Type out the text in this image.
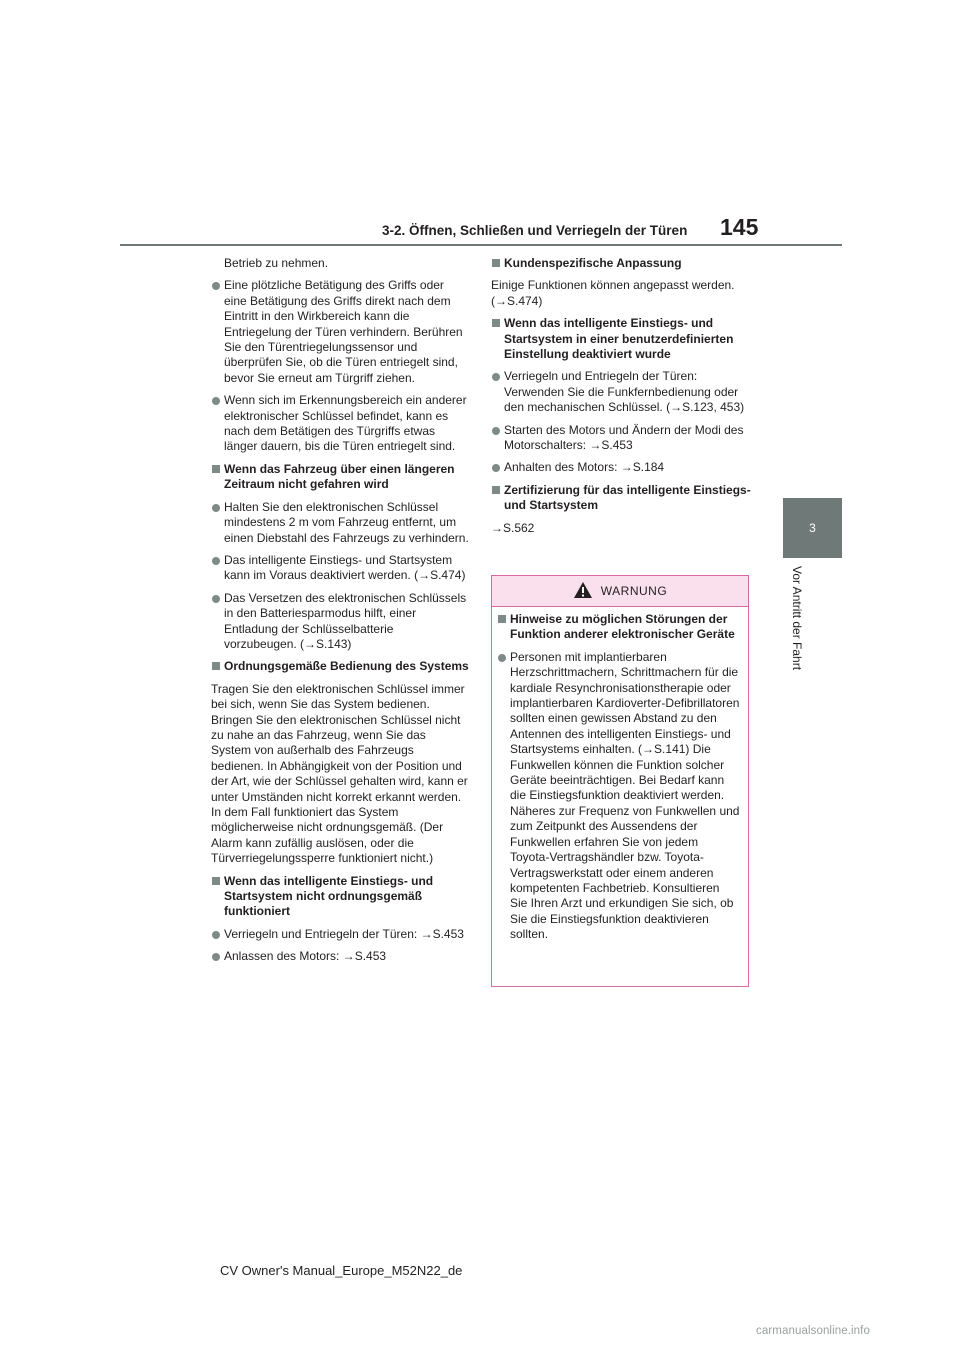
3-2. Öffnen, Schließen und Verriegeln der Türen	145
3
Vor Antritt der Fahrt

Betrieb zu nehmen.

Eine plötzliche Betätigung des Griffs oder eine Betätigung des Griffs direkt nach dem Eintritt in den Wirkbereich kann die Entriegelung der Türen verhindern. Berühren Sie den Türentriegelungssensor und überprüfen Sie, ob die Türen entriegelt sind, bevor Sie erneut am Türgriff ziehen.
Wenn sich im Erkennungsbereich ein anderer elektronischer Schlüssel befindet, kann es nach dem Betätigen des Türgriffs etwas länger dauern, bis die Türen entriegelt sind.
Wenn das Fahrzeug über einen längeren Zeitraum nicht gefahren wird
Halten Sie den elektronischen Schlüssel mindestens 2 m vom Fahrzeug entfernt, um einen Diebstahl des Fahrzeugs zu verhindern.
Das intelligente Einstiegs- und Startsystem kann im Voraus deaktiviert werden. (→S.474)
Das Versetzen des elektronischen Schlüssels in den Batteriesparmodus hilft, einer Entladung der Schlüsselbatterie vorzubeugen. (→S.143)
Ordnungsgemäße Bedienung des Systems

Tragen Sie den elektronischen Schlüssel immer bei sich, wenn Sie das System bedienen. Bringen Sie den elektronischen Schlüssel nicht zu nahe an das Fahrzeug, wenn Sie das System von außerhalb des Fahrzeugs bedienen. In Abhängigkeit von der Position und der Art, wie der Schlüssel gehalten wird, kann er unter Umständen nicht korrekt erkannt werden. In dem Fall funktioniert das System möglicherweise nicht ordnungsgemäß. (Der Alarm kann zufällig auslösen, oder die Türverriegelungssperre funktioniert nicht.)

Wenn das intelligente Einstiegs- und Startsystem nicht ordnungsgemäß funktioniert
Verriegeln und Entriegeln der Türen: →S.453
Anlassen des Motors: →S.453
Kundenspezifische Anpassung

Einige Funktionen können angepasst werden. (→S.474)

Wenn das intelligente Einstiegs- und Startsystem in einer benutzerdefinierten Einstellung deaktiviert wurde
Verriegeln und Entriegeln der Türen: Verwenden Sie die Funkfernbedienung oder den mechanischen Schlüssel. (→S.123, 453)
Starten des Motors und Ändern der Modi des Motorschalters: →S.453
Anhalten des Motors: →S.184
Zertifizierung für das intelligente Einstiegs- und Startsystem

→S.562

WARNUNG
Hinweise zu möglichen Störungen der Funktion anderer elektronischer Geräte
Personen mit implantierbaren Herzschrittmachern, Schrittmachern für die kardiale Resynchronisationstherapie oder implantierbaren Kardioverter-Defibrillatoren sollten einen gewissen Abstand zu den Antennen des intelligenten Einstiegs- und Startsystems einhalten. (→S.141) Die Funkwellen können die Funktion solcher Geräte beeinträchtigen. Bei Bedarf kann die Einstiegsfunktion deaktiviert werden. Näheres zur Frequenz von Funkwellen und zum Zeitpunkt des Aussendens der Funkwellen erfahren Sie von jedem Toyota-Vertragshändler bzw. Toyota-Vertragswerkstatt oder einem anderen kompetenten Fachbetrieb. Konsultieren Sie Ihren Arzt und erkundigen Sie sich, ob Sie die Einstiegsfunktion deaktivieren sollten.
CV Owner's Manual_Europe_M52N22_de
carmanualsonline.info
